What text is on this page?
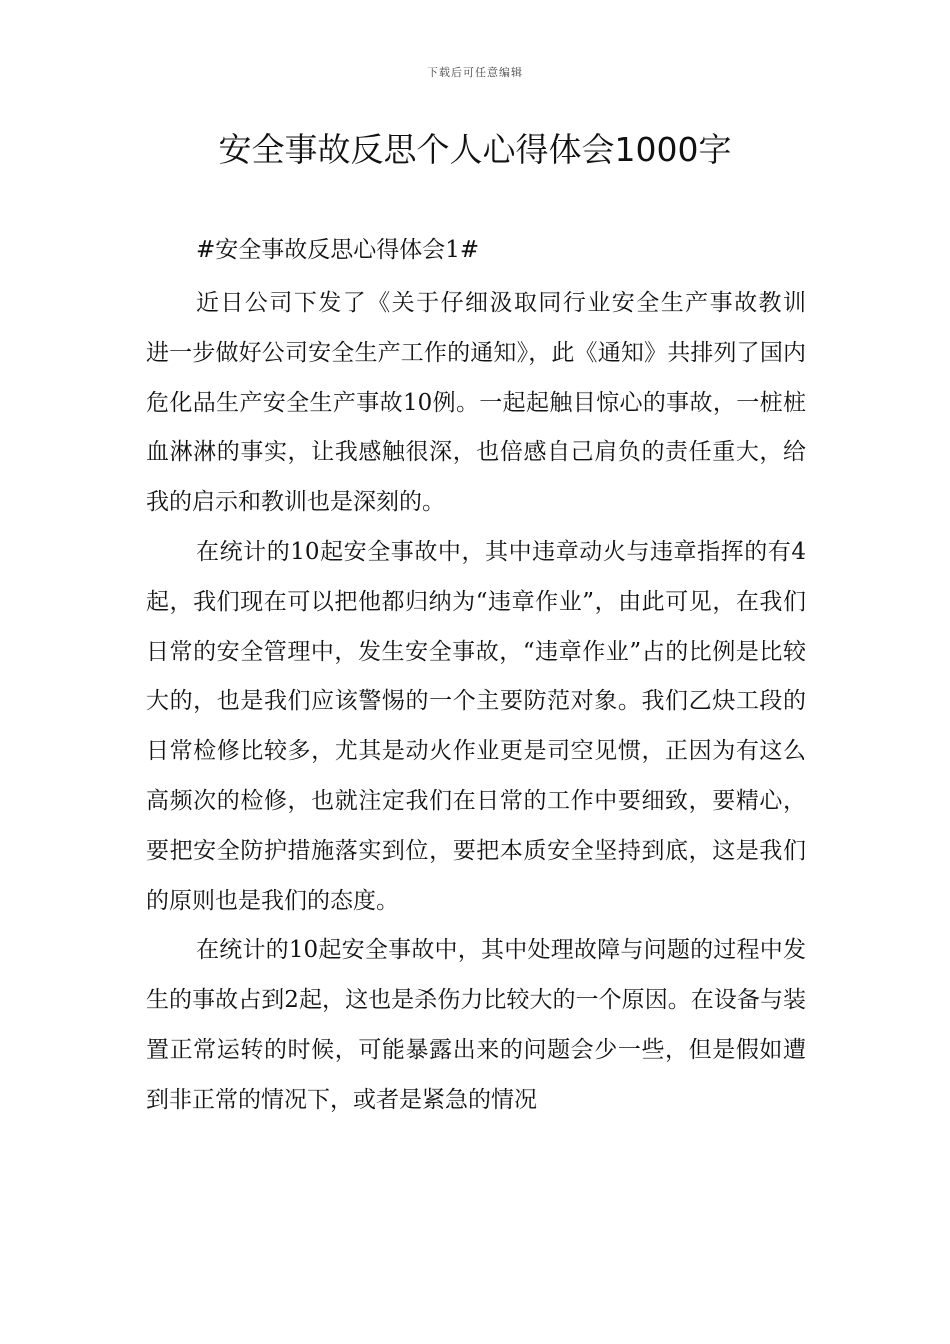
下载后可任意编辑
安全事故反思个人心得体会1000字
#安全事故反思心得体会1#

近日公司下发了《关于仔细汲取同行业安全生产事故教训　进一步做好公司安全生产工作的通知》，此《通知》共排列了国内危化品生产安全生产事故10例。一起起触目惊心的事故，一桩桩血淋淋的事实，让我感触很深，也倍感自己肩负的责任重大，给我的启示和教训也是深刻的。

在统计的10起安全事故中，其中违章动火与违章指挥的有4起，我们现在可以把他都归纳为“违章作业”，由此可见，在我们日常的安全管理中，发生安全事故，“违章作业”占的比例是比较大的，也是我们应该警惕的一个主要防范对象。我们乙炔工段的日常检修比较多，尤其是动火作业更是司空见惯，正因为有这么高频次的检修，也就注定我们在日常的工作中要细致，要精心，要把安全防护措施落实到位，要把本质安全坚持到底，这是我们的原则也是我们的态度。

在统计的10起安全事故中，其中处理故障与问题的过程中发生的事故占到2起，这也是杀伤力比较大的一个原因。在设备与装置正常运转的时候，可能暴露出来的问题会少一些，但是假如遭到非正常的情况下，或者是紧急的情况
